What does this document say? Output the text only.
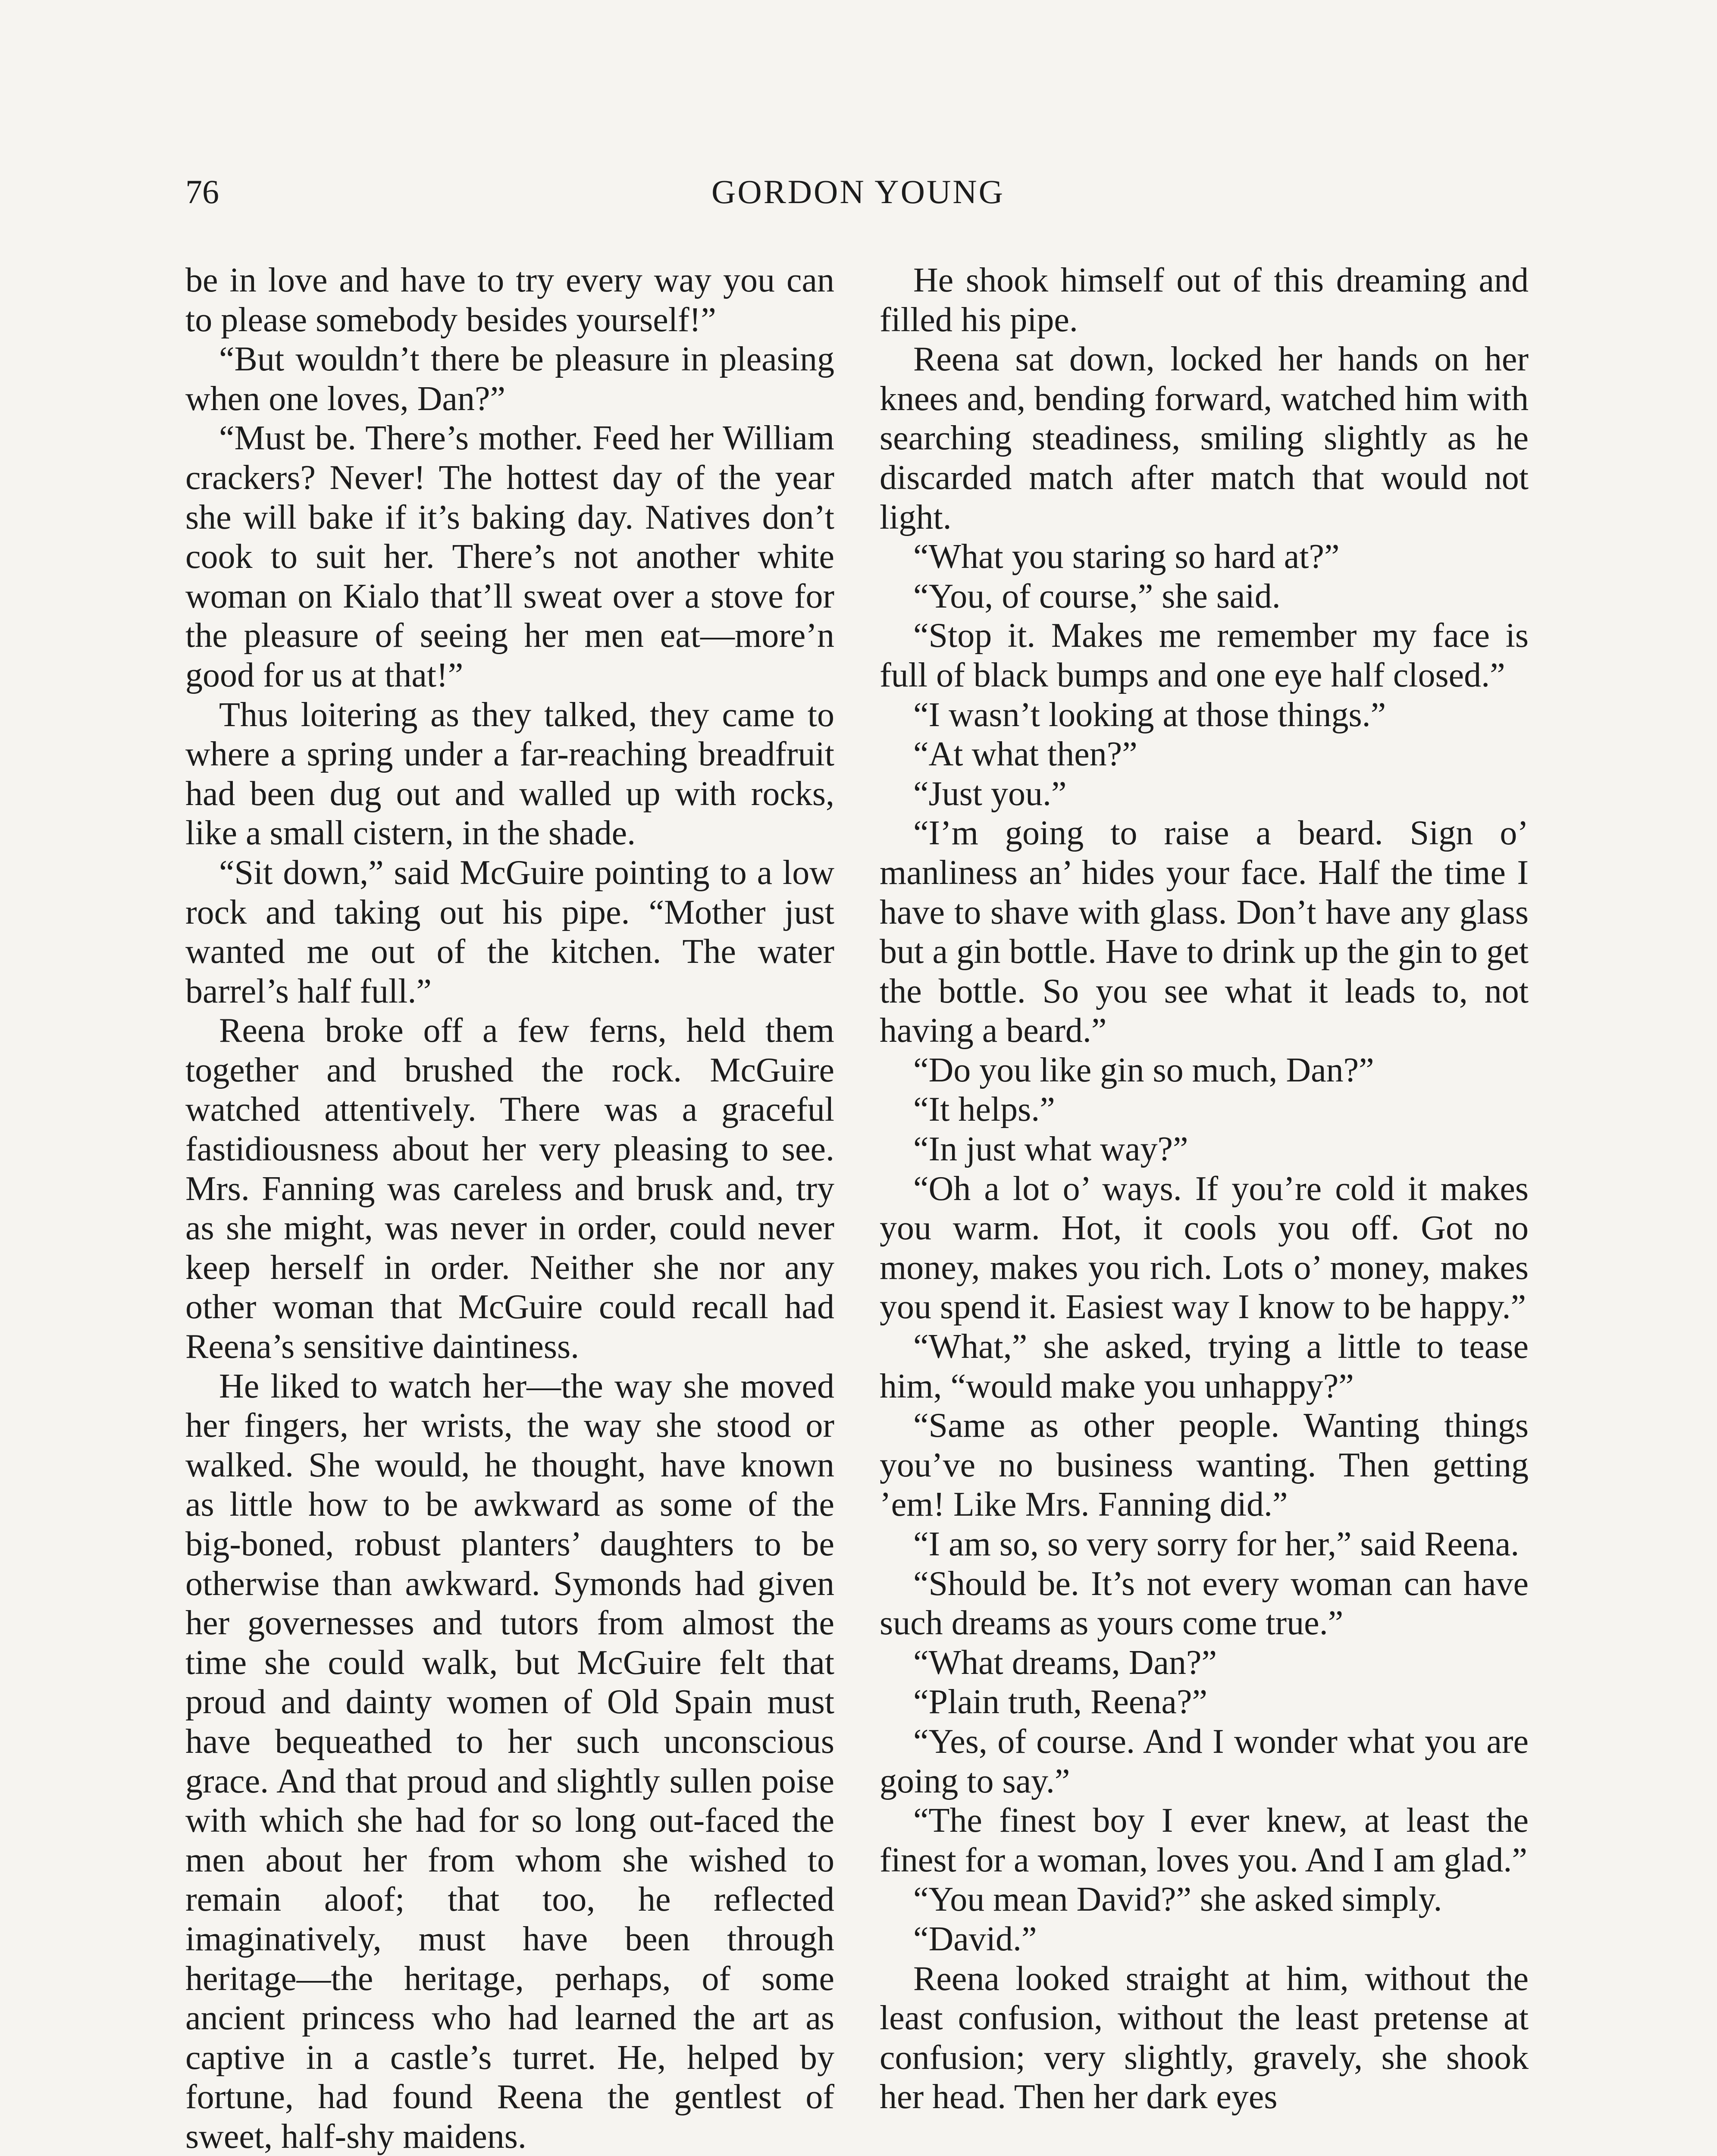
76	GORDON YOUNG

be in love and have to try every way you can to please somebody besides yourself!”

“But wouldn’t there be pleasure in pleasing when one loves, Dan?”

“Must be. There’s mother. Feed her William crackers? Never! The hottest day of the year she will bake if it’s baking day. Natives don’t cook to suit her. There’s not another white woman on Kialo that’ll sweat over a stove for the pleasure of seeing her men eat—more’n good for us at that!”

Thus loitering as they talked, they came to where a spring under a far-reaching breadfruit had been dug out and walled up with rocks, like a small cistern, in the shade.

“Sit down,” said McGuire pointing to a low rock and taking out his pipe. “Mother just wanted me out of the kitchen. The water barrel’s half full.”

Reena broke off a few ferns, held them together and brushed the rock. McGuire watched attentively. There was a graceful fastidiousness about her very pleasing to see. Mrs. Fanning was careless and brusk and, try as she might, was never in order, could never keep herself in order. Neither she nor any other woman that McGuire could recall had Reena’s sensitive daintiness.

He liked to watch her—the way she moved her fingers, her wrists, the way she stood or walked. She would, he thought, have known as little how to be awkward as some of the big-boned, robust planters’ daughters to be otherwise than awkward. Symonds had given her governesses and tutors from almost the time she could walk, but McGuire felt that proud and dainty women of Old Spain must have bequeathed to her such unconscious grace. And that proud and slightly sullen poise with which she had for so long out-faced the men about her from whom she wished to remain aloof; that too, he reflected imaginatively, must have been through heritage—the heritage, perhaps, of some ancient princess who had learned the art as captive in a castle’s turret. He, helped by fortune, had found Reena the gentlest of sweet, half-shy maidens.

He shook himself out of this dreaming and filled his pipe.

Reena sat down, locked her hands on her knees and, bending forward, watched him with searching steadiness, smiling slightly as he discarded match after match that would not light.

“What you staring so hard at?”

“You, of course,” she said.

“Stop it. Makes me remember my face is full of black bumps and one eye half closed.”

“I wasn’t looking at those things.”

“At what then?”

“Just you.”

“I’m going to raise a beard. Sign o’ manliness an’ hides your face. Half the time I have to shave with glass. Don’t have any glass but a gin bottle. Have to drink up the gin to get the bottle. So you see what it leads to, not having a beard.”

“Do you like gin so much, Dan?”

“It helps.”

“In just what way?”

“Oh a lot o’ ways. If you’re cold it makes you warm. Hot, it cools you off. Got no money, makes you rich. Lots o’ money, makes you spend it. Easiest way I know to be happy.”

“What,” she asked, trying a little to tease him, “would make you unhappy?”

“Same as other people. Wanting things you’ve no business wanting. Then getting ’em! Like Mrs. Fanning did.”

“I am so, so very sorry for her,” said Reena.

“Should be. It’s not every woman can have such dreams as yours come true.”

“What dreams, Dan?”

“Plain truth, Reena?”

“Yes, of course. And I wonder what you are going to say.”

“The finest boy I ever knew, at least the finest for a woman, loves you. And I am glad.”

“You mean David?” she asked simply.

“David.”

Reena looked straight at him, without the least confusion, without the least pretense at confusion; very slightly, gravely, she shook her head. Then her dark eyes
